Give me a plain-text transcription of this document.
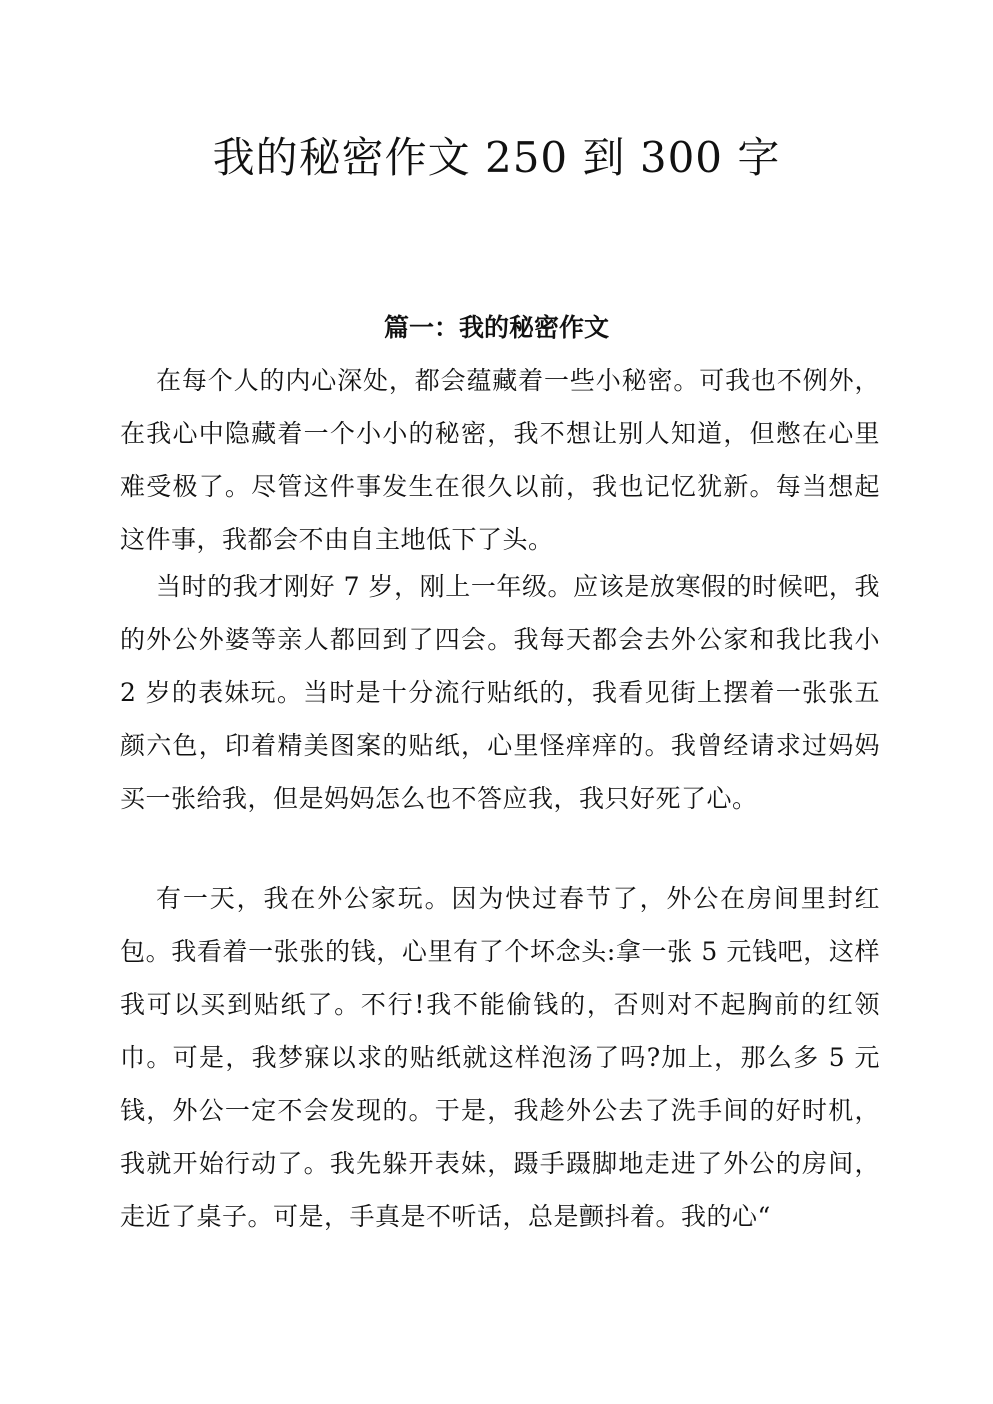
我的秘密作文 250 到 300 字
篇一：我的秘密作文

在每个人的内心深处，都会蕴藏着一些小秘密。可我也不例外，在我心中隐藏着一个小小的秘密，我不想让别人知道，但憋在心里难受极了。尽管这件事发生在很久以前，我也记忆犹新。每当想起这件事，我都会不由自主地低下了头。

当时的我才刚好 7 岁，刚上一年级。应该是放寒假的时候吧，我的外公外婆等亲人都回到了四会。我每天都会去外公家和我比我小 2 岁的表妹玩。当时是十分流行贴纸的，我看见街上摆着一张张五颜六色，印着精美图案的贴纸，心里怪痒痒的。我曾经请求过妈妈买一张给我，但是妈妈怎么也不答应我，我只好死了心。

有一天，我在外公家玩。因为快过春节了，外公在房间里封红包。我看着一张张的钱，心里有了个坏念头:拿一张 5 元钱吧，这样我可以买到贴纸了。不行!我不能偷钱的，否则对不起胸前的红领巾。可是，我梦寐以求的贴纸就这样泡汤了吗?加上，那么多 5 元钱，外公一定不会发现的。于是，我趁外公去了洗手间的好时机，我就开始行动了。我先躲开表妹，蹑手蹑脚地走进了外公的房间，走近了桌子。可是，手真是不听话，总是颤抖着。我的心“
